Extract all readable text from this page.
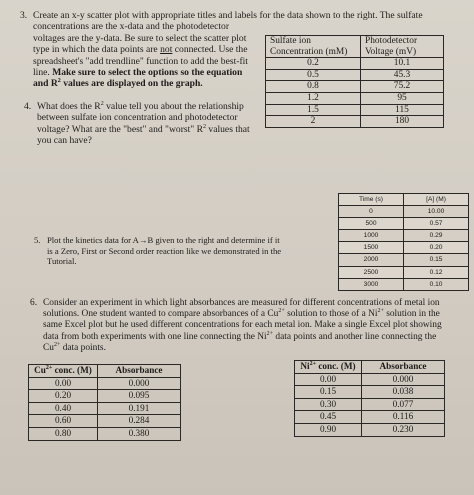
3. Create an x-y scatter plot with appropriate titles and labels for the data shown to the right. The sulfate

concentrations are the x-data and the photodetector

voltages are the y-data. Be sure to select the scatter plot

type in which the data points are not connected. Use the

spreadsheet's "add trendline" function to add the best-fit

line. Make sure to select the options so the equation

and $R^2$ values are displayed on the graph.

Sulfate ion	Photodetector
Concentration (mM)	Voltage (mV)
0.2	10.1
0.5	45.3
0.8	75.2
1.2	95
1.5	115
2	180
4. What does the $R^2$ value tell you about the relationship

between sulfate ion concentration and photodetector

voltage? What are the "best" and "worst" $R^2$ values that

you can have?

Time (s)	[A] (M)
0	10.00
500	0.57
1000	0.29
1500	0.20
2000	0.15
2500	0.12
3000	0.10
5. Plot the kinetics data for A→B given to the right and determine if it

is a Zero, First or Second order reaction like we demonstrated in the

Tutorial.

6. Consider an experiment in which light absorbances are measured for different concentrations of metal ion

solutions. One student wanted to compare absorbances of a $Cu^{2+}$ solution to those of a $Ni^{2+}$ solution in the

same Excel plot but he used different concentrations for each metal ion. Make a single Excel plot showing

data from both experiments with one line connecting the $Ni^{2+}$ data points and another line connecting the

$Cu^{2+}$ data points.

$Cu^{2+}$ conc. (M)	Absorbance
0.00	0.000
0.20	0.095
0.40	0.191
0.60	0.284
0.80	0.380
$Ni^{2+}$ conc. (M)	Absorbance
0.00	0.000
0.15	0.038
0.30	0.077
0.45	0.116
0.90	0.230
